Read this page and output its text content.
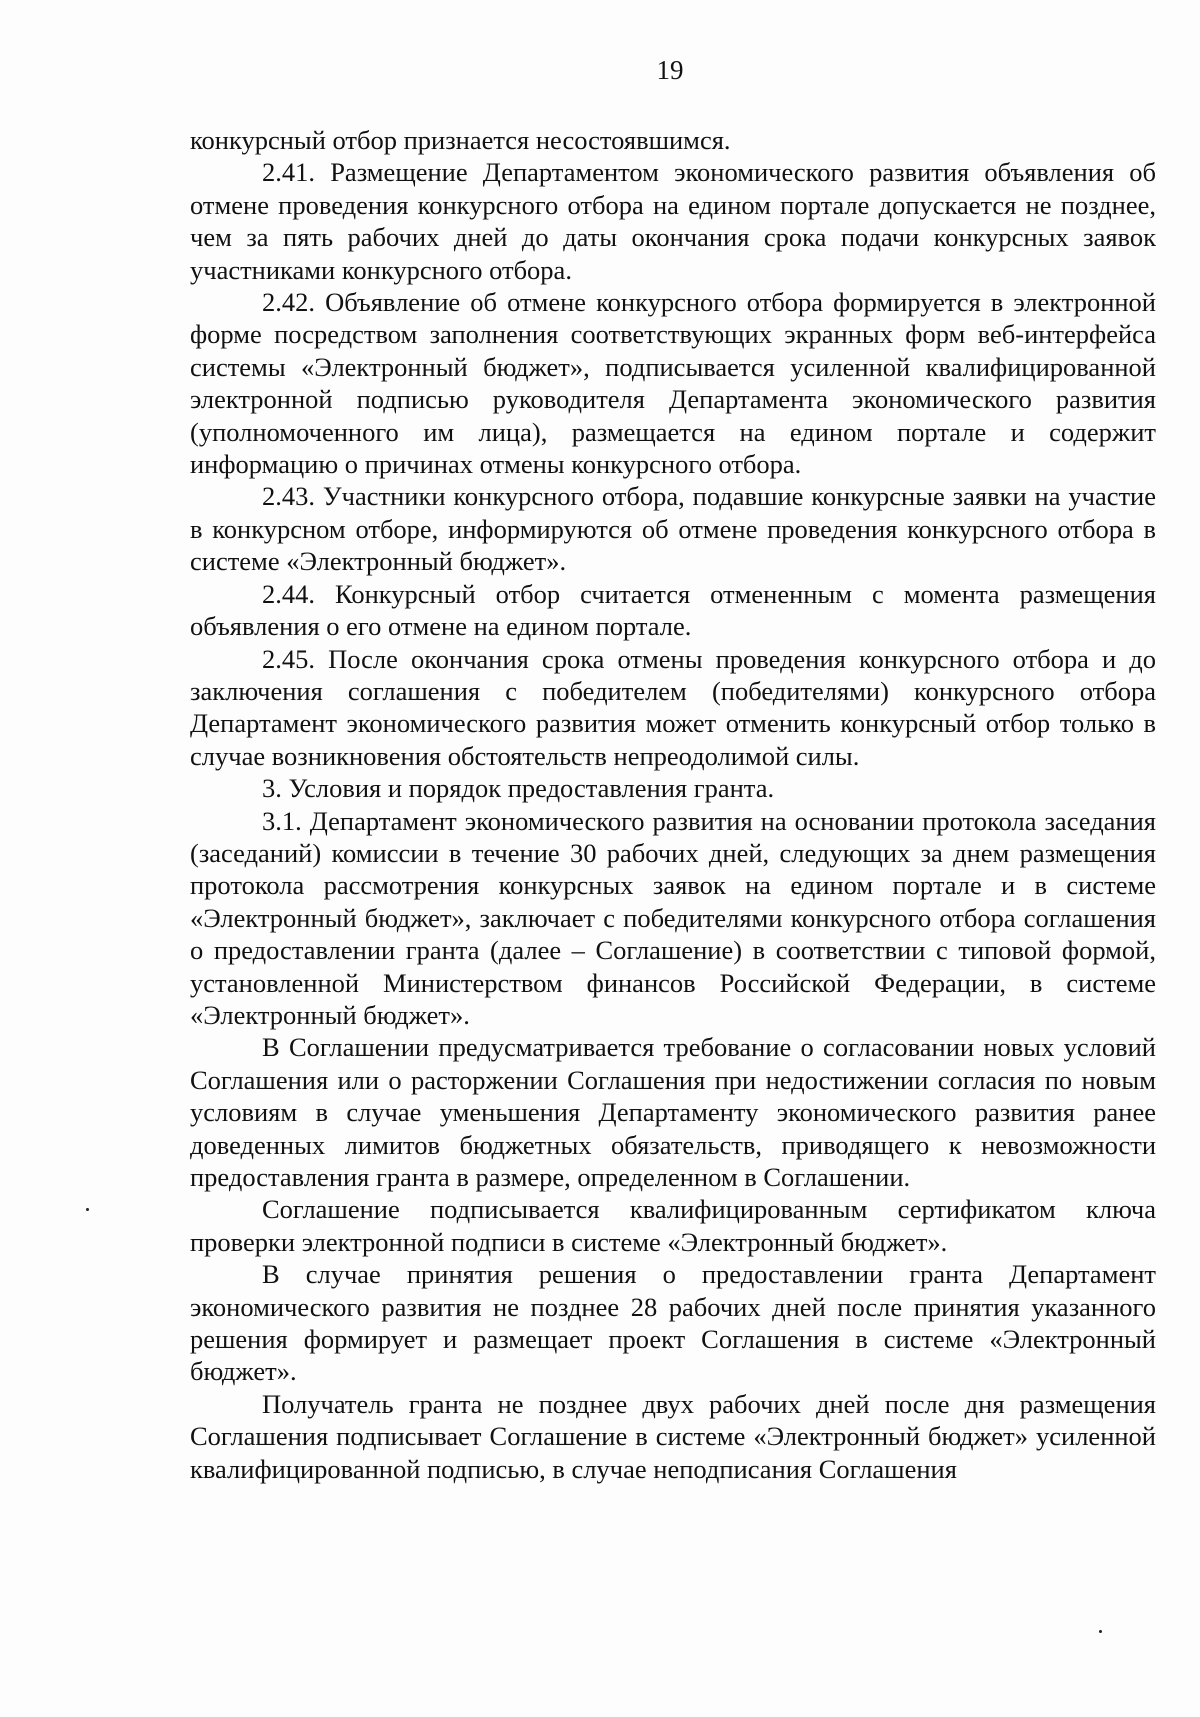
19

конкурсный отбор признается несостоявшимся.

2.41. Размещение Департаментом экономического развития объявления об отмене проведения конкурсного отбора на едином портале допускается не позднее, чем за пять рабочих дней до даты окончания срока подачи конкурсных заявок участниками конкурсного отбора.

2.42. Объявление об отмене конкурсного отбора формируется в электронной форме посредством заполнения соответствующих экранных форм веб-интерфейса системы «Электронный бюджет», подписывается усиленной квалифицированной электронной подписью руководителя Департамента экономического развития (уполномоченного им лица), размещается на едином портале и содержит информацию о причинах отмены конкурсного отбора.

2.43. Участники конкурсного отбора, подавшие конкурсные заявки на участие в конкурсном отборе, информируются об отмене проведения конкурсного отбора в системе «Электронный бюджет».

2.44. Конкурсный отбор считается отмененным с момента размещения объявления о его отмене на едином портале.

2.45. После окончания срока отмены проведения конкурсного отбора и до заключения соглашения с победителем (победителями) конкурсного отбора Департамент экономического развития может отменить конкурсный отбор только в случае возникновения обстоятельств непреодолимой силы.

3. Условия и порядок предоставления гранта.

3.1. Департамент экономического развития на основании протокола заседания (заседаний) комиссии в течение 30 рабочих дней, следующих за днем размещения протокола рассмотрения конкурсных заявок на едином портале и в системе «Электронный бюджет», заключает с победителями конкурсного отбора соглашения о предоставлении гранта (далее – Соглашение) в соответствии с типовой формой, установленной Министерством финансов Российской Федерации, в системе «Электронный бюджет».

В Соглашении предусматривается требование о согласовании новых условий Соглашения или о расторжении Соглашения при недостижении согласия по новым условиям в случае уменьшения Департаменту экономического развития ранее доведенных лимитов бюджетных обязательств, приводящего к невозможности предоставления гранта в размере, определенном в Соглашении.

Соглашение подписывается квалифицированным сертификатом ключа проверки электронной подписи в системе «Электронный бюджет».

В случае принятия решения о предоставлении гранта Департамент экономического развития не позднее 28 рабочих дней после принятия указанного решения формирует и размещает проект Соглашения в системе «Электронный бюджет».

Получатель гранта не позднее двух рабочих дней после дня размещения Соглашения подписывает Соглашение в системе «Электронный бюджет» усиленной квалифицированной подписью, в случае неподписания Соглашения
